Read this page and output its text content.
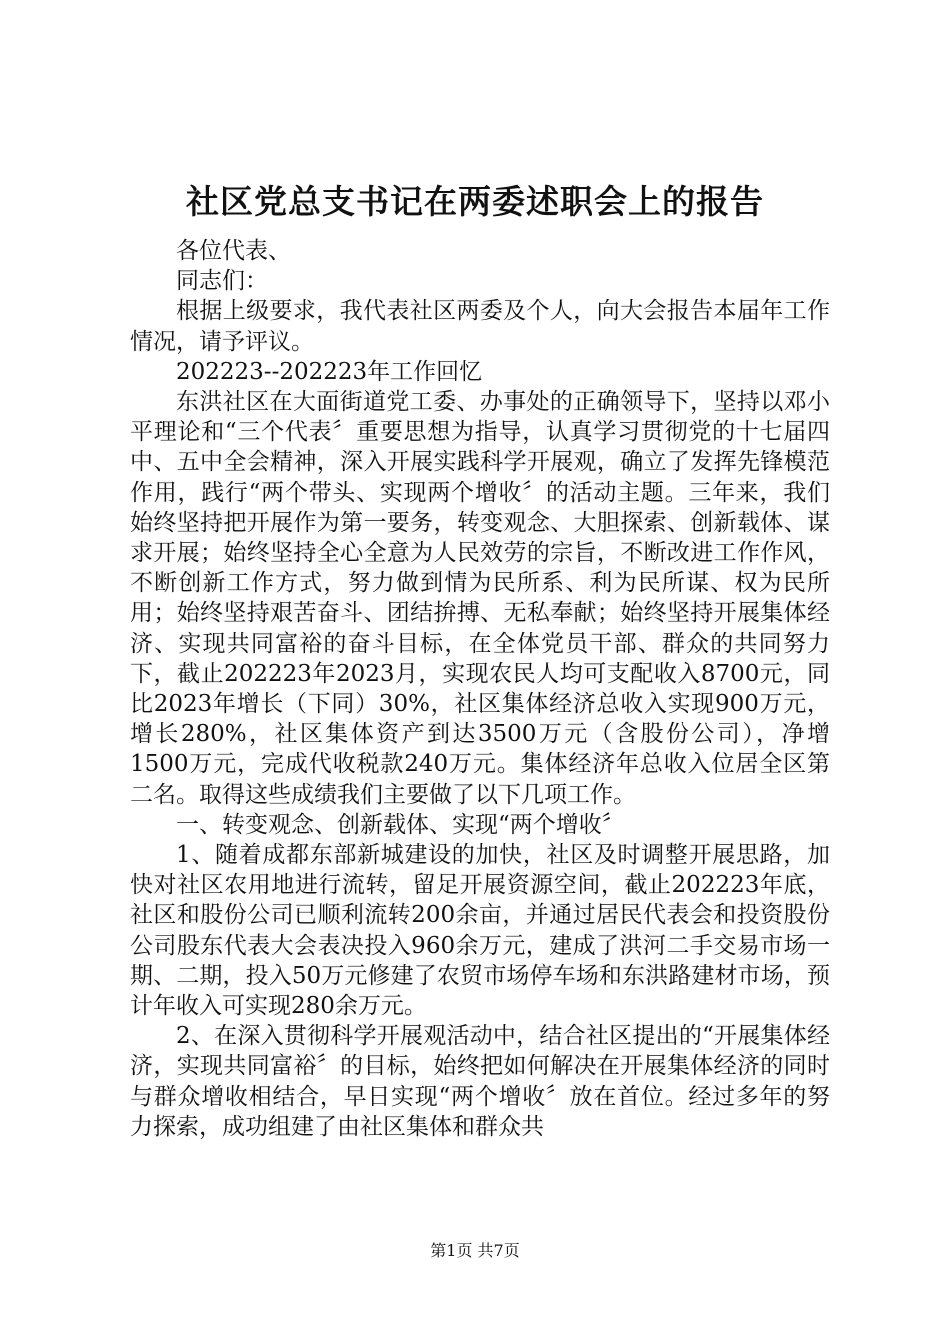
社区党总支书记在两委述职会上的报告

各位代表、

同志们：

根据上级要求，我代表社区两委及个人，向大会报告本届年工作情况，请予评议。

202223--202223年工作回忆

东洪社区在大面街道党工委、办事处的正确领导下，坚持以邓小平理论和“三个代表〞重要思想为指导，认真学习贯彻党的十七届四中、五中全会精神，深入开展实践科学开展观，确立了发挥先锋模范作用，践行“两个带头、实现两个增收〞的活动主题。三年来，我们始终坚持把开展作为第一要务，转变观念、大胆探索、创新载体、谋求开展；始终坚持全心全意为人民效劳的宗旨，不断改进工作作风，不断创新工作方式，努力做到情为民所系、利为民所谋、权为民所用；始终坚持艰苦奋斗、团结拚搏、无私奉献；始终坚持开展集体经济、实现共同富裕的奋斗目标，在全体党员干部、群众的共同努力下，截止202223年2023月，实现农民人均可支配收入8700元，同比2023年增长（下同）30%，社区集体经济总收入实现900万元，增长280%，社区集体资产到达3500万元（含股份公司），净增1500万元，完成代收税款240万元。集体经济年总收入位居全区第二名。取得这些成绩我们主要做了以下几项工作。

一、转变观念、创新载体、实现“两个增收〞

1、随着成都东部新城建设的加快，社区及时调整开展思路，加快对社区农用地进行流转，留足开展资源空间，截止202223年底，社区和股份公司已顺利流转200余亩，并通过居民代表会和投资股份公司股东代表大会表决投入960余万元，建成了洪河二手交易市场一期、二期，投入50万元修建了农贸市场停车场和东洪路建材市场，预计年收入可实现280余万元。

2、在深入贯彻科学开展观活动中，结合社区提出的“开展集体经济，实现共同富裕〞的目标，始终把如何解决在开展集体经济的同时与群众增收相结合，早日实现“两个增收〞放在首位。经过多年的努力探索，成功组建了由社区集体和群众共

第1页 共7页
